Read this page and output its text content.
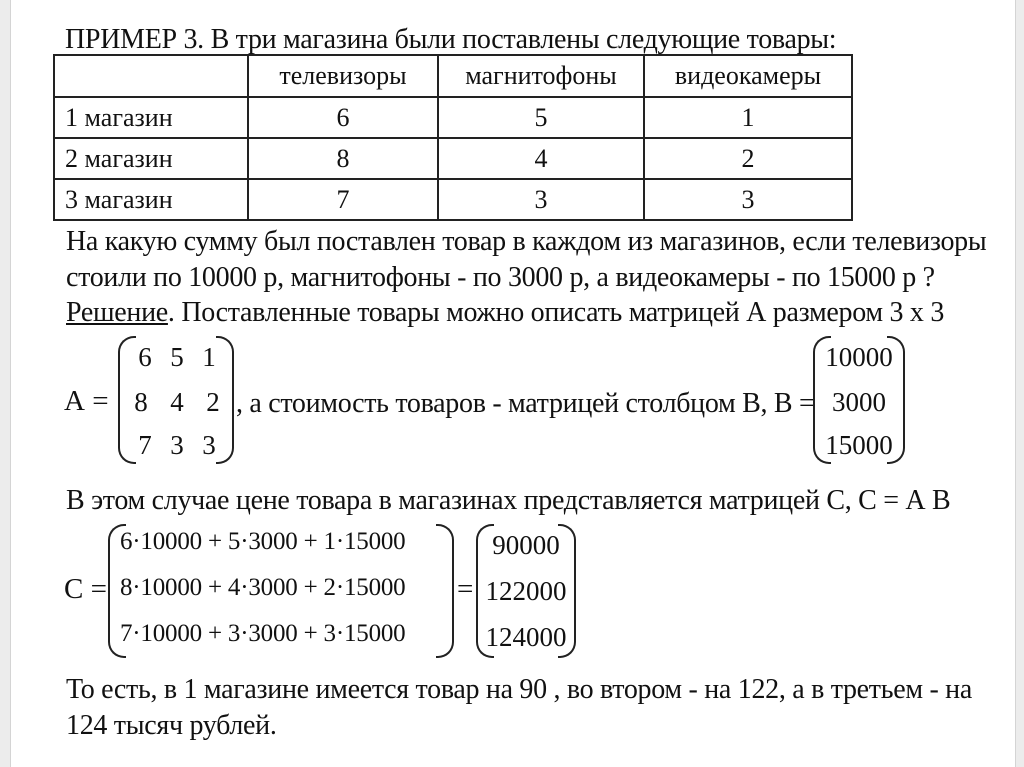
ПРИМЕР 3. В три магазина были поставлены следующие товары:
	телевизоры	магнитофоны	видеокамеры
1 магазин	6	5	1
2 магазин	8	4	2
3 магазин	7	3	3
На какую сумму был поставлен товар в каждом из магазинов, если телевизоры
стоили по 10000 р, магнитофоны - по 3000 р, а видеокамеры - по 15000 р ?
Решение. Поставленные товары можно описать матрицей А размером 3 х 3
А =
6 5 1
8 4 2
7 3 3
, а стоимость товаров - матрицей столбцом В, В =
10000
3000
15000
В этом случае цене товара в магазинах представляется матрицей С, С = А В
С =
6·10000 + 5·3000 + 1·15000
8·10000 + 4·3000 + 2·15000
7·10000 + 3·3000 + 3·15000
=
90000
122000
124000
То есть, в 1 магазине имеется товар на 90 , во втором - на 122, а в третьем - на
124 тысяч рублей.
